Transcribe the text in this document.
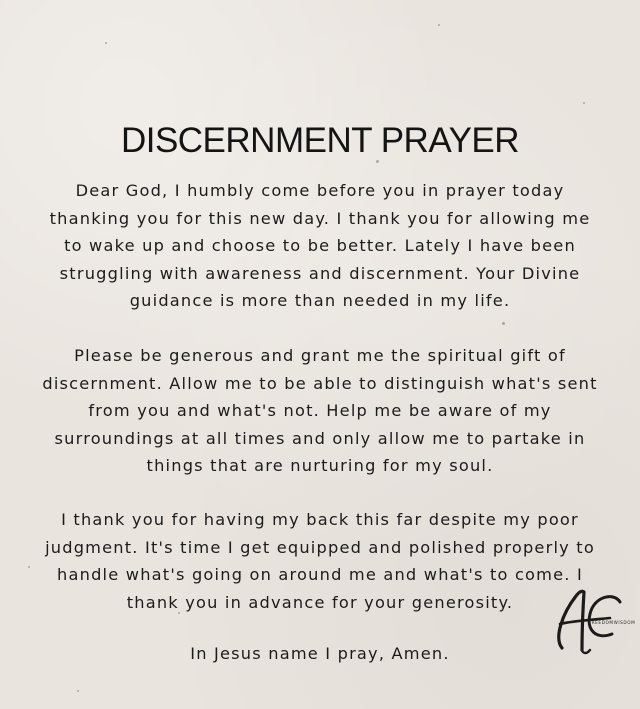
DISCERNMENT PRAYER
Dear God, I humbly come before you in prayer today
thanking you for this new day. I thank you for allowing me
to wake up and choose to be better. Lately I have been
struggling with awareness and discernment. Your Divine
guidance is more than needed in my life.
Please be generous and grant me the spiritual gift of
discernment. Allow me to be able to distinguish what's sent
from you and what's not. Help me be aware of my
surroundings at all times and only allow me to partake in
things that are nurturing for my soul.
I thank you for having my back this far despite my poor
judgment. It's time I get equipped and polished properly to
handle what's going on around me and what's to come. I
thank you in advance for your generosity.
In Jesus name I pray, Amen.
FREEDOMWISDOM
